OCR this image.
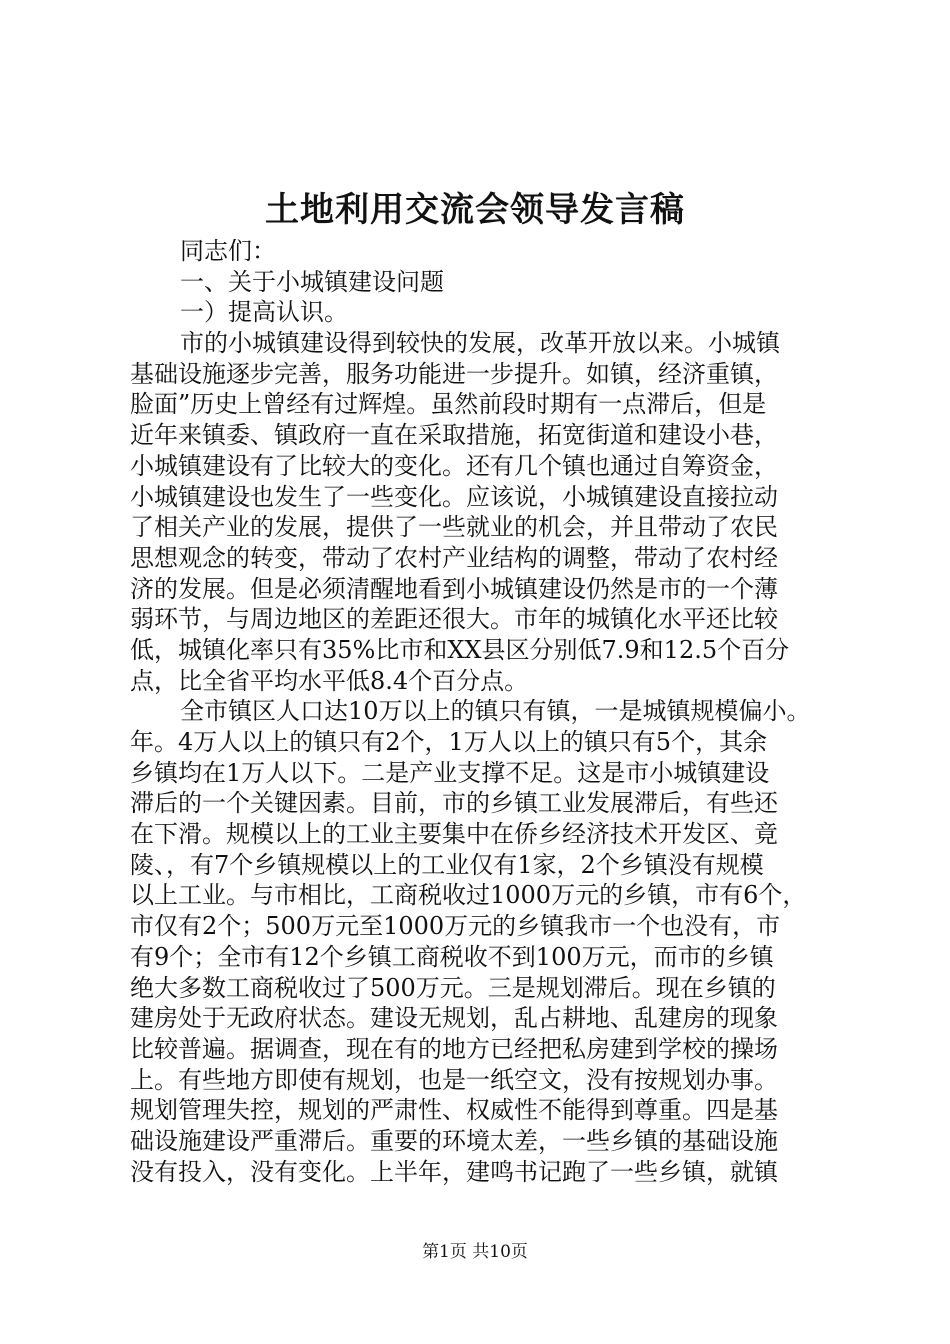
土地利用交流会领导发言稿
同志们：
一、关于小城镇建设问题
一）提高认识。
市的小城镇建设得到较快的发展，改革开放以来。小城镇
基础设施逐步完善，服务功能进一步提升。如镇，经济重镇，
脸面”历史上曾经有过辉煌。虽然前段时期有一点滞后，但是
近年来镇委、镇政府一直在采取措施，拓宽街道和建设小巷，
小城镇建设有了比较大的变化。还有几个镇也通过自筹资金，
小城镇建设也发生了一些变化。应该说，小城镇建设直接拉动
了相关产业的发展，提供了一些就业的机会，并且带动了农民
思想观念的转变，带动了农村产业结构的调整，带动了农村经
济的发展。但是必须清醒地看到小城镇建设仍然是市的一个薄
弱环节，与周边地区的差距还很大。市年的城镇化水平还比较
低，城镇化率只有35%比市和XX县区分别低7.9和12.5个百分
点，比全省平均水平低8.4个百分点。
全市镇区人口达10万以上的镇只有镇，一是城镇规模偏小。
年。4万人以上的镇只有2个，1万人以上的镇只有5个，其余
乡镇均在1万人以下。二是产业支撑不足。这是市小城镇建设
滞后的一个关键因素。目前，市的乡镇工业发展滞后，有些还
在下滑。规模以上的工业主要集中在侨乡经济技术开发区、竟
陵、，有7个乡镇规模以上的工业仅有1家，2个乡镇没有规模
以上工业。与市相比，工商税收过1000万元的乡镇，市有6个，
市仅有2个；500万元至1000万元的乡镇我市一个也没有，市
有9个；全市有12个乡镇工商税收不到100万元，而市的乡镇
绝大多数工商税收过了500万元。三是规划滞后。现在乡镇的
建房处于无政府状态。建设无规划，乱占耕地、乱建房的现象
比较普遍。据调查，现在有的地方已经把私房建到学校的操场
上。有些地方即使有规划，也是一纸空文，没有按规划办事。
规划管理失控，规划的严肃性、权威性不能得到尊重。四是基
础设施建设严重滞后。重要的环境太差，一些乡镇的基础设施
没有投入，没有变化。上半年，建鸣书记跑了一些乡镇，就镇
第1页 共10页
